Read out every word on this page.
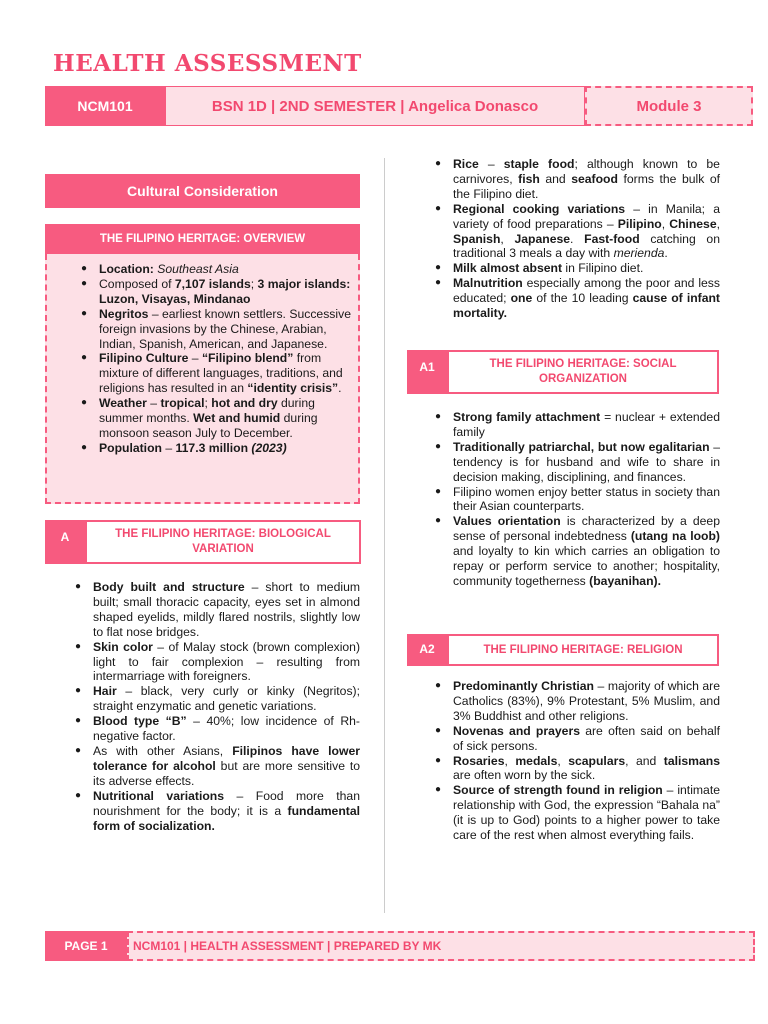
HEALTH ASSESSMENT
NCM101	BSN 1D | 2ND SEMESTER | Angelica Donasco	Module 3
Cultural Consideration
THE FILIPINO HERITAGE: OVERVIEW
● Location: Southeast Asia
● Composed of 7,107 islands; 3 major islands: Luzon, Visayas, Mindanao
● Negritos – earliest known settlers. Successive foreign invasions by the Chinese, Arabian, Indian, Spanish, American, and Japanese.
● Filipino Culture – “Filipino blend” from mixture of different languages, traditions, and religions has resulted in an “identity crisis”.
● Weather – tropical; hot and dry during summer months. Wet and humid during monsoon season July to December.
● Population – 117.3 million (2023)
A	THE FILIPINO HERITAGE: BIOLOGICAL VARIATION
● Body built and structure – short to medium built; small thoracic capacity, eyes set in almond shaped eyelids, mildly flared nostrils, slightly low to flat nose bridges.
● Skin color – of Malay stock (brown complexion) light to fair complexion – resulting from intermarriage with foreigners.
● Hair – black, very curly or kinky (Negritos); straight enzymatic and genetic variations.
● Blood type “B” – 40%; low incidence of Rh-negative factor.
● As with other Asians, Filipinos have lower tolerance for alcohol but are more sensitive to its adverse effects.
● Nutritional variations – Food more than nourishment for the body; it is a fundamental form of socialization.
● Rice – staple food; although known to be carnivores, fish and seafood forms the bulk of the Filipino diet.
● Regional cooking variations – in Manila; a variety of food preparations – Pilipino, Chinese, Spanish, Japanese. Fast-food catching on traditional 3 meals a day with merienda.
● Milk almost absent in Filipino diet.
● Malnutrition especially among the poor and less educated; one of the 10 leading cause of infant mortality.
A1	THE FILIPINO HERITAGE: SOCIAL ORGANIZATION
● Strong family attachment = nuclear + extended family
● Traditionally patriarchal, but now egalitarian – tendency is for husband and wife to share in decision making, disciplining, and finances.
● Filipino women enjoy better status in society than their Asian counterparts.
● Values orientation is characterized by a deep sense of personal indebtedness (utang na loob) and loyalty to kin which carries an obligation to repay or perform service to another; hospitality, community togetherness (bayanihan).
A2	THE FILIPINO HERITAGE: RELIGION
● Predominantly Christian – majority of which are Catholics (83%), 9% Protestant, 5% Muslim, and 3% Buddhist and other religions.
● Novenas and prayers are often said on behalf of sick persons.
● Rosaries, medals, scapulars, and talismans are often worn by the sick.
● Source of strength found in religion – intimate relationship with God, the expression “Bahala na” (it is up to God) points to a higher power to take care of the rest when almost everything fails.
PAGE 1	NCM101 | HEALTH ASSESSMENT | PREPARED BY MK
